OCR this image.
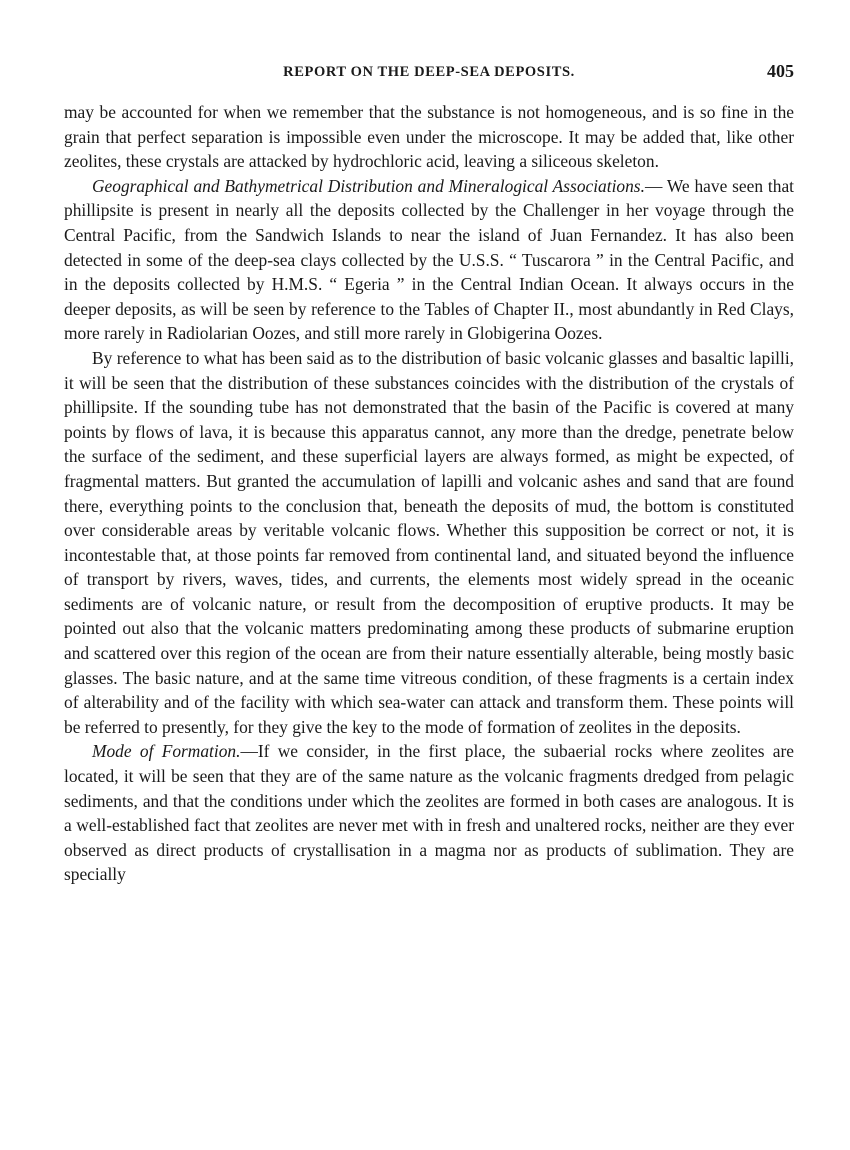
REPORT ON THE DEEP-SEA DEPOSITS.	405

may be accounted for when we remember that the substance is not homogeneous, and is so fine in the grain that perfect separation is impossible even under the microscope. It may be added that, like other zeolites, these crystals are attacked by hydrochloric acid, leaving a siliceous skeleton.

Geographical and Bathymetrical Distribution and Mineralogical Associations.— We have seen that phillipsite is present in nearly all the deposits collected by the Challenger in her voyage through the Central Pacific, from the Sandwich Islands to near the island of Juan Fernandez. It has also been detected in some of the deep-sea clays collected by the U.S.S. “ Tuscarora ” in the Central Pacific, and in the deposits collected by H.M.S. “ Egeria ” in the Central Indian Ocean. It always occurs in the deeper deposits, as will be seen by reference to the Tables of Chapter II., most abundantly in Red Clays, more rarely in Radiolarian Oozes, and still more rarely in Globigerina Oozes.

By reference to what has been said as to the distribution of basic volcanic glasses and basaltic lapilli, it will be seen that the distribution of these substances coincides with the distribution of the crystals of phillipsite. If the sounding tube has not demonstrated that the basin of the Pacific is covered at many points by flows of lava, it is because this apparatus cannot, any more than the dredge, penetrate below the surface of the sediment, and these superficial layers are always formed, as might be expected, of fragmental matters. But granted the accumulation of lapilli and volcanic ashes and sand that are found there, everything points to the conclusion that, beneath the deposits of mud, the bottom is constituted over considerable areas by veritable volcanic flows. Whether this supposition be correct or not, it is incontestable that, at those points far removed from continental land, and situated beyond the influence of transport by rivers, waves, tides, and currents, the elements most widely spread in the oceanic sediments are of volcanic nature, or result from the decomposition of eruptive products. It may be pointed out also that the volcanic matters predominating among these products of submarine eruption and scattered over this region of the ocean are from their nature essentially alterable, being mostly basic glasses. The basic nature, and at the same time vitreous condition, of these fragments is a certain index of alterability and of the facility with which sea-water can attack and transform them. These points will be referred to presently, for they give the key to the mode of formation of zeolites in the deposits.

Mode of Formation.—If we consider, in the first place, the subaerial rocks where zeolites are located, it will be seen that they are of the same nature as the volcanic fragments dredged from pelagic sediments, and that the conditions under which the zeolites are formed in both cases are analogous. It is a well-established fact that zeolites are never met with in fresh and unaltered rocks, neither are they ever observed as direct products of crystallisation in a magma nor as products of sublimation. They are specially
